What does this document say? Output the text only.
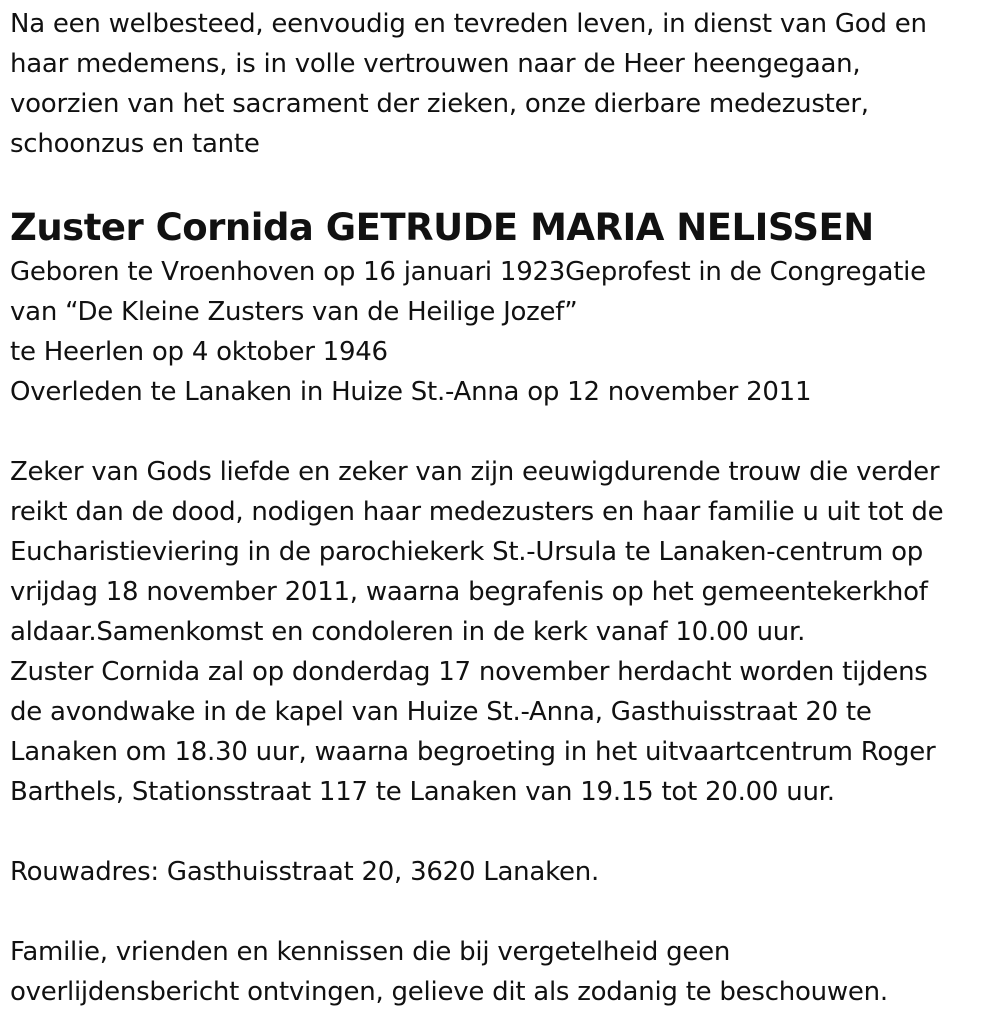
Na een welbesteed, eenvoudig en tevreden leven, in dienst van God en
haar medemens, is in volle vertrouwen naar de Heer heengegaan,
voorzien van het sacrament der zieken, onze dierbare medezuster,
schoonzus en tante
Zuster Cornida GETRUDE MARIA NELISSEN
Geboren te Vroenhoven op 16 januari 1923Geprofest in de Congregatie
van “De Kleine Zusters van de Heilige Jozef”
te Heerlen op 4 oktober 1946
Overleden te Lanaken in Huize St.-Anna op 12 november 2011
Zeker van Gods liefde en zeker van zijn eeuwigdurende trouw die verder
reikt dan de dood, nodigen haar medezusters en haar familie u uit tot de
Eucharistieviering in de parochiekerk St.-Ursula te Lanaken-centrum op
vrijdag 18 november 2011, waarna begrafenis op het gemeentekerkhof
aldaar.Samenkomst en condoleren in de kerk vanaf 10.00 uur.
Zuster Cornida zal op donderdag 17 november herdacht worden tijdens
de avondwake in de kapel van Huize St.-Anna, Gasthuisstraat 20 te
Lanaken om 18.30 uur, waarna begroeting in het uitvaartcentrum Roger
Barthels, Stationsstraat 117 te Lanaken van 19.15 tot 20.00 uur.
Rouwadres: Gasthuisstraat 20, 3620 Lanaken.
Familie, vrienden en kennissen die bij vergetelheid geen
overlijdensbericht ontvingen, gelieve dit als zodanig te beschouwen.
